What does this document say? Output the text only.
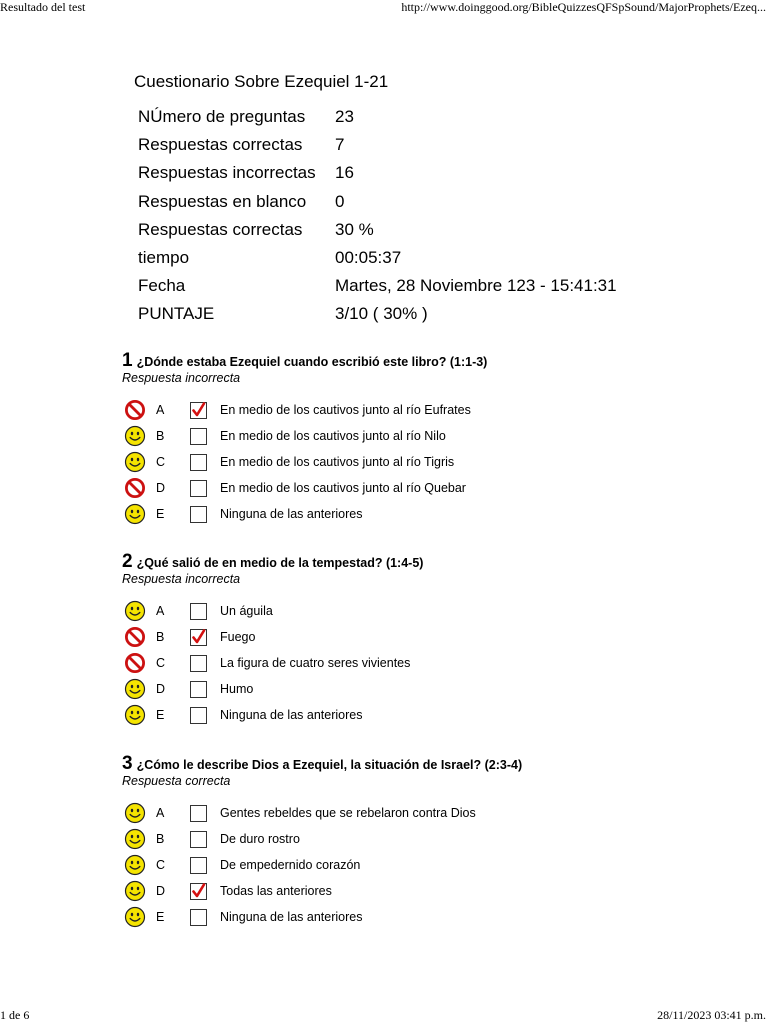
Resultado del test	http://www.doinggood.org/BibleQuizzesQFSpSound/MajorProphets/Ezeq...
Cuestionario Sobre Ezequiel 1-21
NÚmero de preguntas	23
Respuestas correctas	7
Respuestas incorrectas	16
Respuestas en blanco	0
Respuestas correctas	30 %
tiempo	00:05:37
Fecha	Martes, 28 Noviembre 123 - 15:41:31
PUNTAJE	3/10 ( 30% )
1 ¿Dónde estaba Ezequiel cuando escribió este libro? (1:1-3)
Respuesta incorrecta
A	En medio de los cautivos junto al río Eufrates
B	En medio de los cautivos junto al río Nilo
C	En medio de los cautivos junto al río Tigris
D	En medio de los cautivos junto al río Quebar
E	Ninguna de las anteriores
2 ¿Qué salió de en medio de la tempestad? (1:4-5)
Respuesta incorrecta
A	Un águila
B	Fuego
C	La figura de cuatro seres vivientes
D	Humo
E	Ninguna de las anteriores
3 ¿Cómo le describe Dios a Ezequiel, la situación de Israel? (2:3-4)
Respuesta correcta
A	Gentes rebeldes que se rebelaron contra Dios
B	De duro rostro
C	De empedernido corazón
D	Todas las anteriores
E	Ninguna de las anteriores
1 de 6	28/11/2023 03:41 p.m.
